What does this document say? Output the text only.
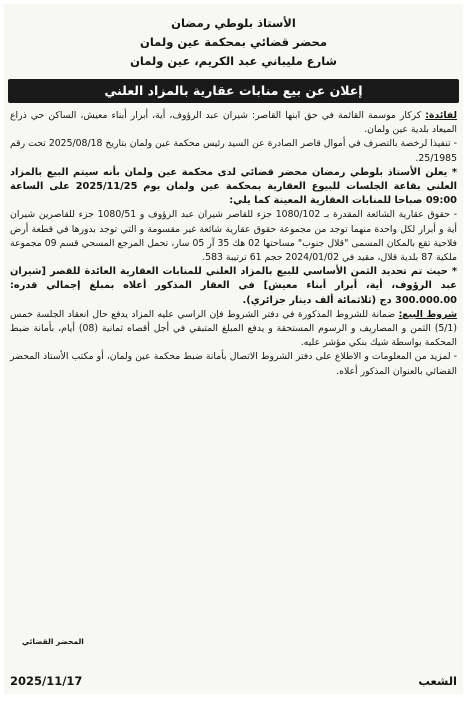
الأستاذ بلوطي رمضان
محضر قضائي بمحكمة عين ولمان
شارع مليباني عبد الكريم، عين ولمان
إعلان عن بيع منابات عقارية بالمزاد العلني

لفائدة: كركار موسمة القائمة في حق ابنها القاصر: شيران عبد الرؤوف، أية، أبرار أبناء معيش، الساكن حي ذراع الميعاد بلدية عين ولمان.

- تنفيذا لرخصة بالتصرف في أموال قاصر الصادرة عن السيد رئيس محكمة عين ولمان بتاريخ 2025/08/18 تحت رقم 25/1985.

* يعلن الأستاذ بلوطي رمضان محضر قضائي لدى محكمة عين ولمان بأنه سيتم البيع بالمزاد العلني بقاعة الجلسات للبيوع العقارية بمحكمة عين ولمان يوم 2025/11/25 على الساعة 09:00 صباحا للمنابات العقارية المعينة كما يلي:

- حقوق عقارية الشائعة المقدرة بـ 1080/102 جزء للقاصر شيران عبد الرؤوف و 1080/51 جزء للقاصرين شيران أية و أبرار لكل واحدة منهما توجد من مجموعة حقوق عقارية شائعة غير مقسومة و التي توجد بدورها في قطعة أرض فلاحية تقع بالمكان المسمى "قلال جنوب" مساحتها 02 هك 35 آر 05 سار، تحمل المرجع المسحي قسم 09 مجموعة ملكية 87 بلدية قلال، مقيد في 2024/01/02 حجم 61 ترتيبة 583.

* حيث تم تحديد الثمن الأساسي للبيع بالمزاد العلني للمنابات العقارية العائدة للقصر [شيران عبد الرؤوف، أية، أبرار أبناء معيش] في العقار المذكور أعلاه بمبلغ إجمالي قدره: 300.000.00 دج (ثلاثمائة ألف دينار جزائري).

شروط البيع: ضمانة للشروط المذكورة في دفتر الشروط فإن الراسي عليه المزاد يدفع حال انعقاد الجلسة خمس (5/1) الثمن و المصاريف و الرسوم المستحقة و يدفع المبلغ المتبقي في أجل أقصاه ثمانية (08) أيام، بأمانة ضبط المحكمة بواسطة شيك بنكي مؤشر عليه.

- لمزيد من المعلومات و الاطلاع على دفتر الشروط الاتصال بأمانة ضبط محكمة عين ولمان، أو مكتب الأستاذ المحضر القضائي بالعنوان المذكور أعلاه.

المحضر القضائي
الشعب
2025/11/17
